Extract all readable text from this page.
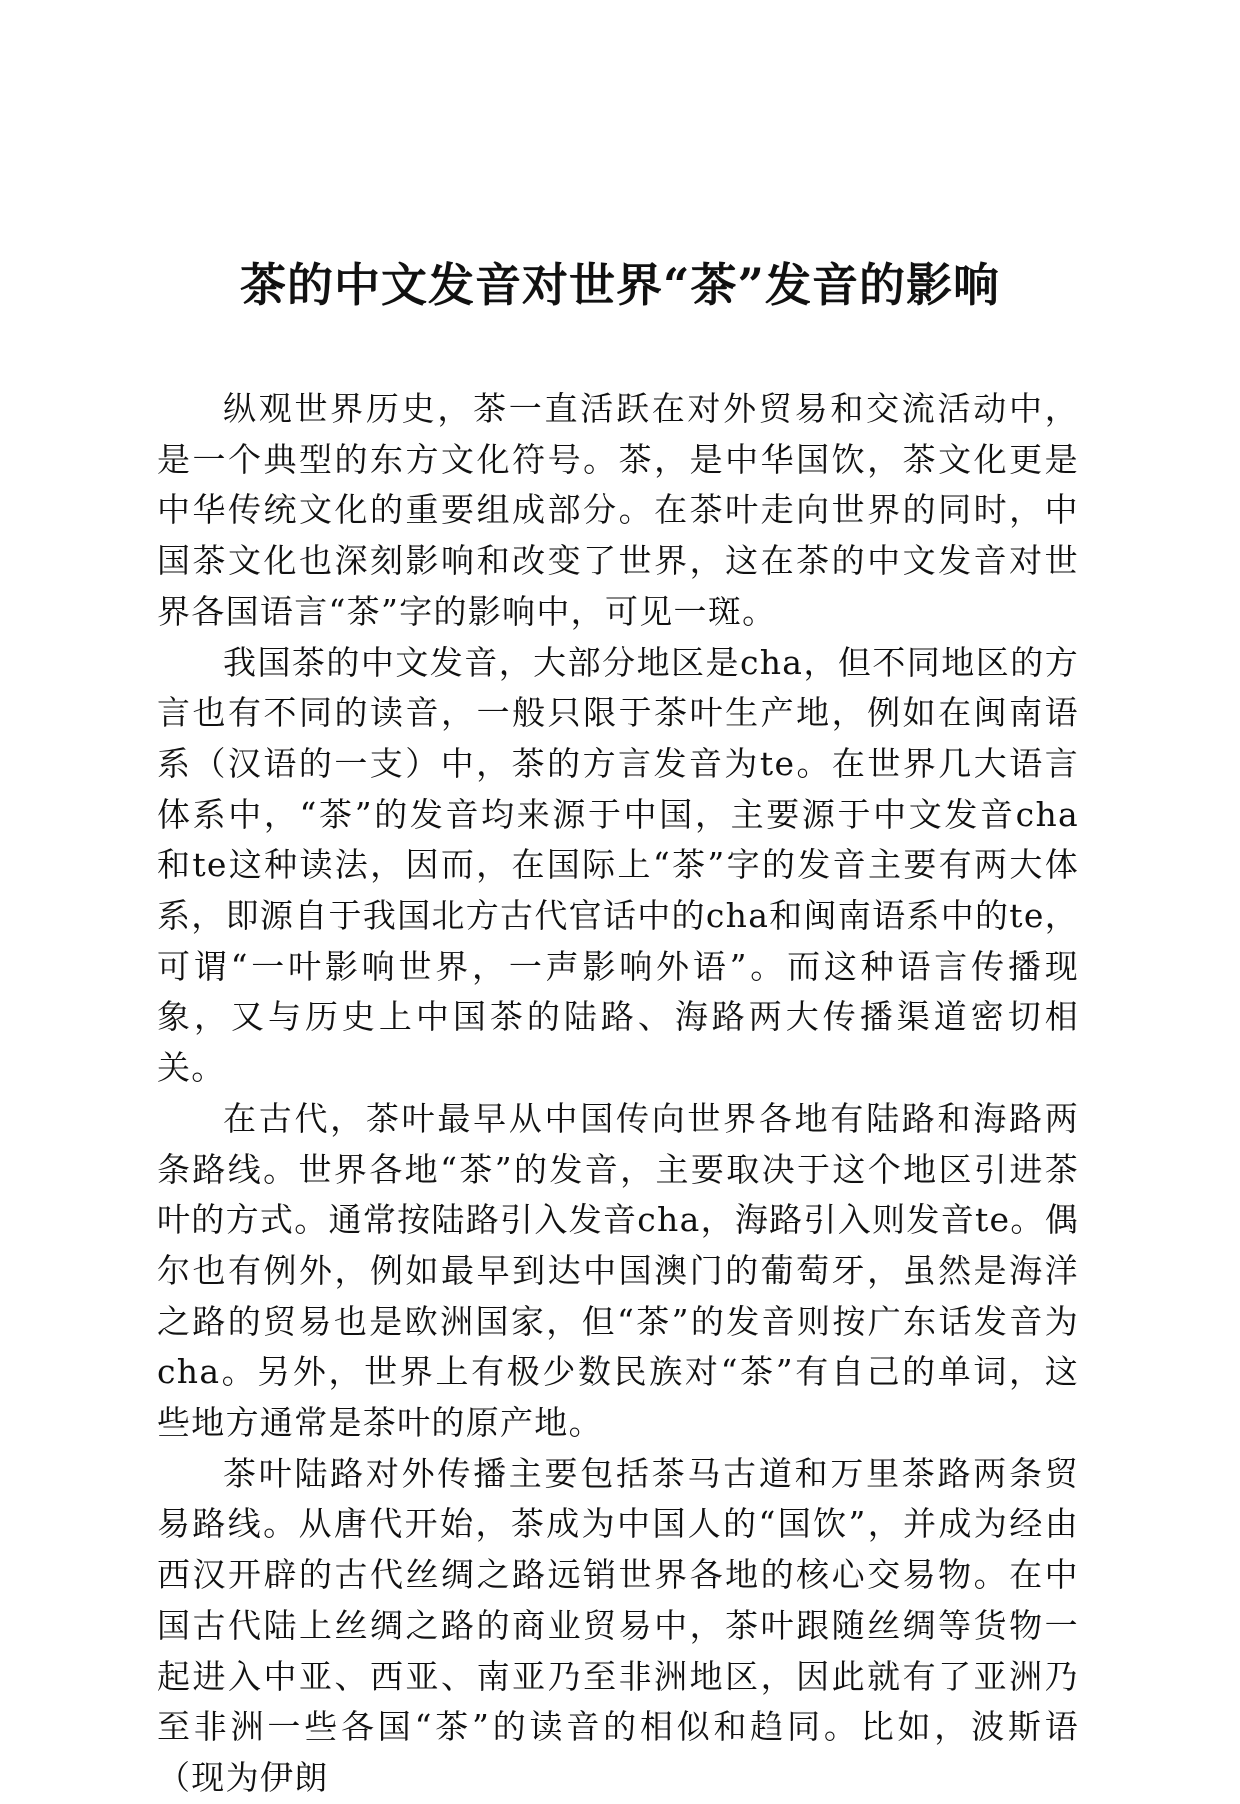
茶的中文发音对世界“茶”发音的影响

纵观世界历史，茶一直活跃在对外贸易和交流活动中，是一个典型的东方文化符号。茶，是中华国饮，茶文化更是中华传统文化的重要组成部分。在茶叶走向世界的同时，中国茶文化也深刻影响和改变了世界，这在茶的中文发音对世界各国语言“茶”字的影响中，可见一斑。

我国茶的中文发音，大部分地区是cha，但不同地区的方言也有不同的读音，一般只限于茶叶生产地，例如在闽南语系（汉语的一支）中，茶的方言发音为te。在世界几大语言体系中，“茶”的发音均来源于中国，主要源于中文发音cha和te这种读法，因而，在国际上“茶”字的发音主要有两大体系，即源自于我国北方古代官话中的cha和闽南语系中的te，可谓“一叶影响世界，一声影响外语”。而这种语言传播现象，又与历史上中国茶的陆路、海路两大传播渠道密切相关。

在古代，茶叶最早从中国传向世界各地有陆路和海路两条路线。世界各地“茶”的发音，主要取决于这个地区引进茶叶的方式。通常按陆路引入发音cha，海路引入则发音te。偶尔也有例外，例如最早到达中国澳门的葡萄牙，虽然是海洋之路的贸易也是欧洲国家，但“茶”的发音则按广东话发音为cha。另外，世界上有极少数民族对“茶”有自己的单词，这些地方通常是茶叶的原产地。

茶叶陆路对外传播主要包括茶马古道和万里茶路两条贸易路线。从唐代开始，茶成为中国人的“国饮”，并成为经由西汉开辟的古代丝绸之路远销世界各地的核心交易物。在中国古代陆上丝绸之路的商业贸易中，茶叶跟随丝绸等货物一起进入中亚、西亚、南亚乃至非洲地区，因此就有了亚洲乃至非洲一些各国“茶”的读音的相似和趋同。比如，波斯语（现为伊朗
